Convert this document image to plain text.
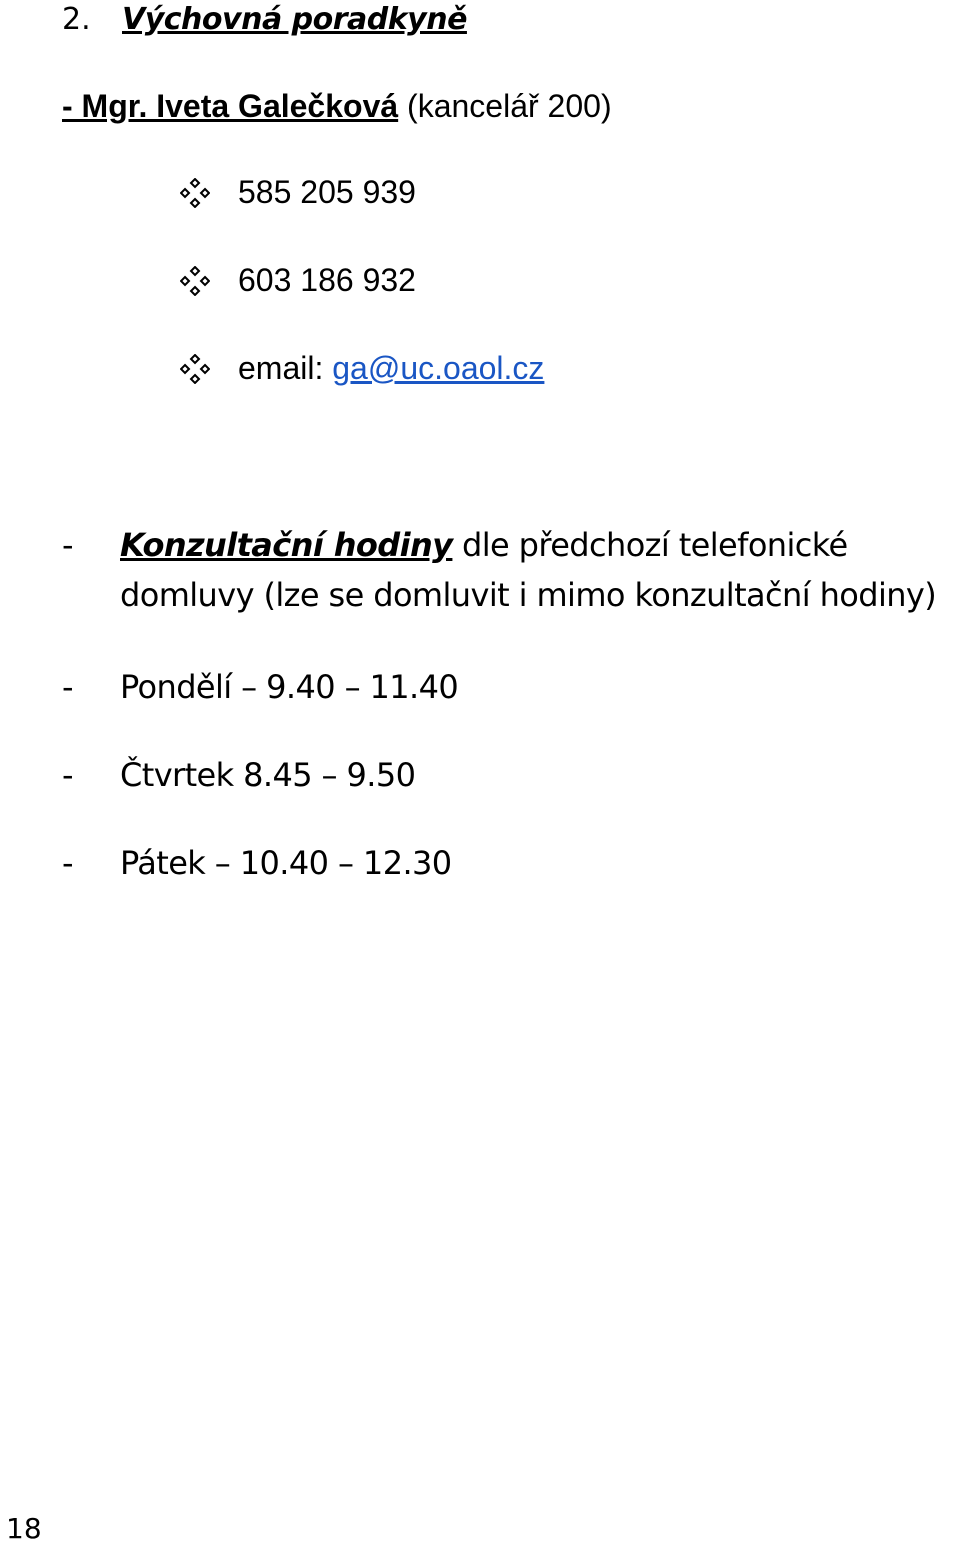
2. Výchovná poradkyně
- Mgr. Iveta Galečková (kancelář 200)
585 205 939
603 186 932
email:
ga@uc.oaol.cz
- Konzultační hodiny dle předchozí telefonické
domluvy (lze se domluvit i mimo konzultační hodiny)
- Pondělí – 9.40 – 11.40
- Čtvrtek 8.45 – 9.50
- Pátek – 10.40 – 12.30
18
